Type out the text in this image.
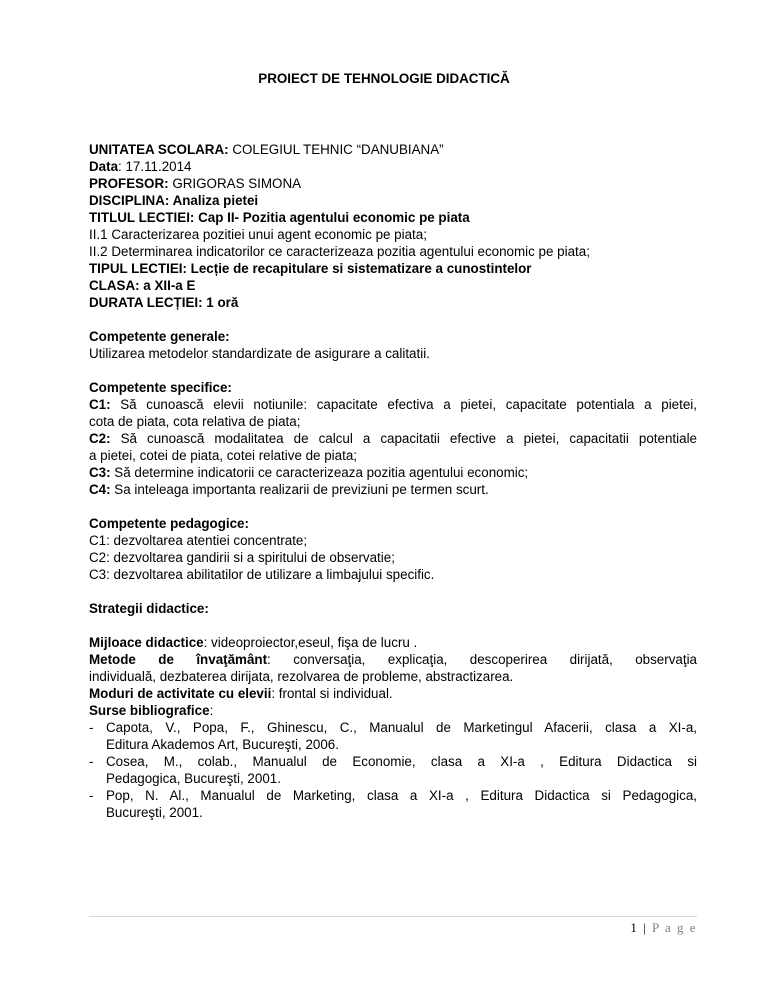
PROIECT DE TEHNOLOGIE DIDACTICĂ
UNITATEA SCOLARA: COLEGIUL TEHNIC “DANUBIANA”
Data: 17.11.2014
PROFESOR: GRIGORAS SIMONA
DISCIPLINA: Analiza pietei
TITLUL LECTIEI: Cap II- Pozitia agentului economic pe piata
II.1 Caracterizarea pozitiei unui agent economic pe piata;
II.2 Determinarea indicatorilor ce caracterizeaza pozitia agentului economic pe piata;
TIPUL LECTIEI: Lecție de recapitulare si sistematizare a cunostintelor
CLASA: a XII-a E
DURATA LECȚIEI: 1 oră
Competente generale:
Utilizarea metodelor standardizate de asigurare a calitatii.
Competente specifice:
C1: Să cunoască elevii notiunile: capacitate efectiva a pietei, capacitate potentiala a pietei,
cota de piata, cota relativa de piata;
C2: Să cunoască modalitatea de calcul a capacitatii efective a pietei, capacitatii potentiale
a pietei, cotei de piata, cotei relative de piata;
C3: Să determine indicatorii ce caracterizeaza pozitia agentului economic;
C4: Sa inteleaga importanta realizarii de previziuni pe termen scurt.
Competente pedagogice:
C1: dezvoltarea atentiei concentrate;
C2: dezvoltarea gandirii si a spiritului de observatie;
C3: dezvoltarea abilitatilor de utilizare a limbajului specific.
Strategii didactice:
Mijloace didactice: videoproiector,eseul, fişa de lucru .
Metode de învaţământ: conversaţia, explicaţia, descoperirea dirijată, observaţia
individuală, dezbaterea dirijata, rezolvarea de probleme, abstractizarea.
Moduri de activitate cu elevii: frontal si individual.
Surse bibliografice:
- Capota, V., Popa, F., Ghinescu, C., Manualul de Marketingul Afacerii, clasa a XI-a,
Editura Akademos Art, Bucureşti, 2006.
- Cosea, M., colab., Manualul de Economie, clasa a XI-a , Editura Didactica si
Pedagogica, Bucureşti, 2001.
- Pop, N. Al., Manualul de Marketing, clasa a XI-a , Editura Didactica si Pedagogica,
Bucureşti, 2001.
1 | P a g e
